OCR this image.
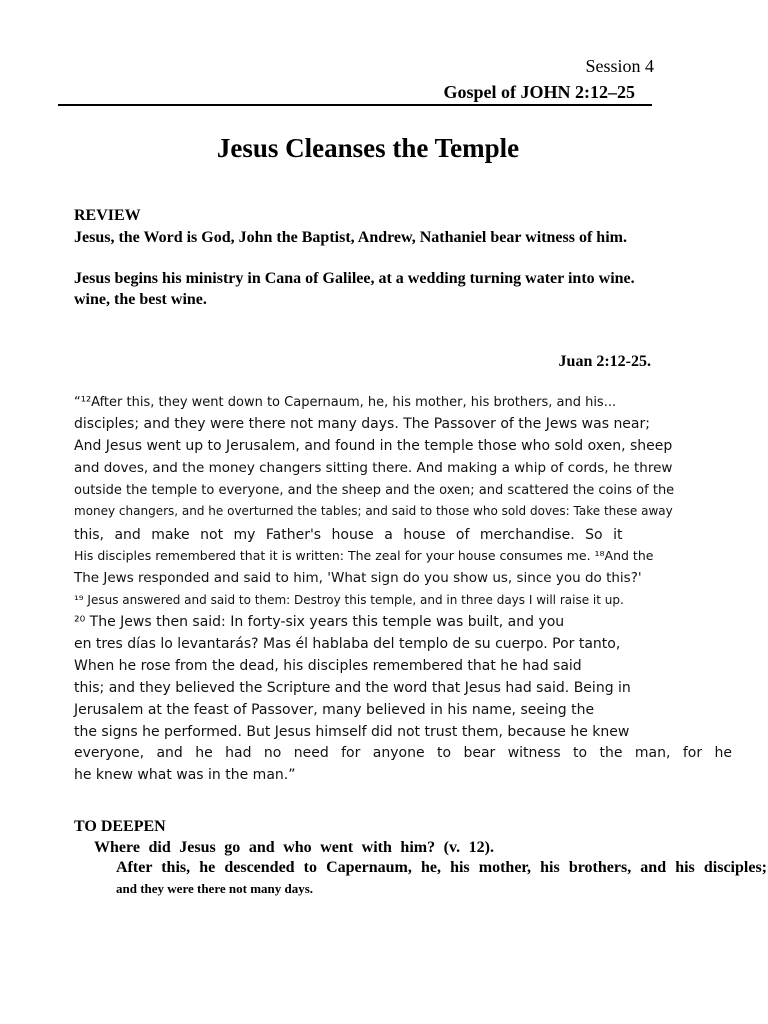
Session 4
Gospel of JOHN 2:12–25
Jesus Cleanses the Temple
REVIEW
Jesus, the Word is God, John the Baptist, Andrew, Nathaniel bear witness of him.
Jesus begins his ministry in Cana of Galilee, at a wedding turning water into wine.
wine, the best wine.
Juan 2:12-25.
“¹²After this, they went down to Capernaum, he, his mother, his brothers, and his...
disciples; and they were there not many days. The Passover of the Jews was near;
And Jesus went up to Jerusalem, and found in the temple those who sold oxen, sheep
and doves, and the money changers sitting there. And making a whip of cords, he threw
outside the temple to everyone, and the sheep and the oxen; and scattered the coins of the
money changers, and he overturned the tables; and said to those who sold doves: Take these away
this, and make not my Father's house a house of merchandise. So it
His disciples remembered that it is written: The zeal for your house consumes me. ¹⁸And the
The Jews responded and said to him, 'What sign do you show us, since you do this?'
¹⁹ Jesus answered and said to them: Destroy this temple, and in three days I will raise it up.
²⁰ The Jews then said: In forty-six years this temple was built, and you
en tres días lo levantarás? Mas él hablaba del templo de su cuerpo. Por tanto,
When he rose from the dead, his disciples remembered that he had said
this; and they believed the Scripture and the word that Jesus had said. Being in
Jerusalem at the feast of Passover, many believed in his name, seeing the
the signs he performed. But Jesus himself did not trust them, because he knew
everyone, and he had no need for anyone to bear witness to the man, for he
he knew what was in the man.”
TO DEEPEN
Where did Jesus go and who went with him? (v. 12).
After this, he descended to Capernaum, he, his mother, his brothers, and his disciples;
and they were there not many days.
